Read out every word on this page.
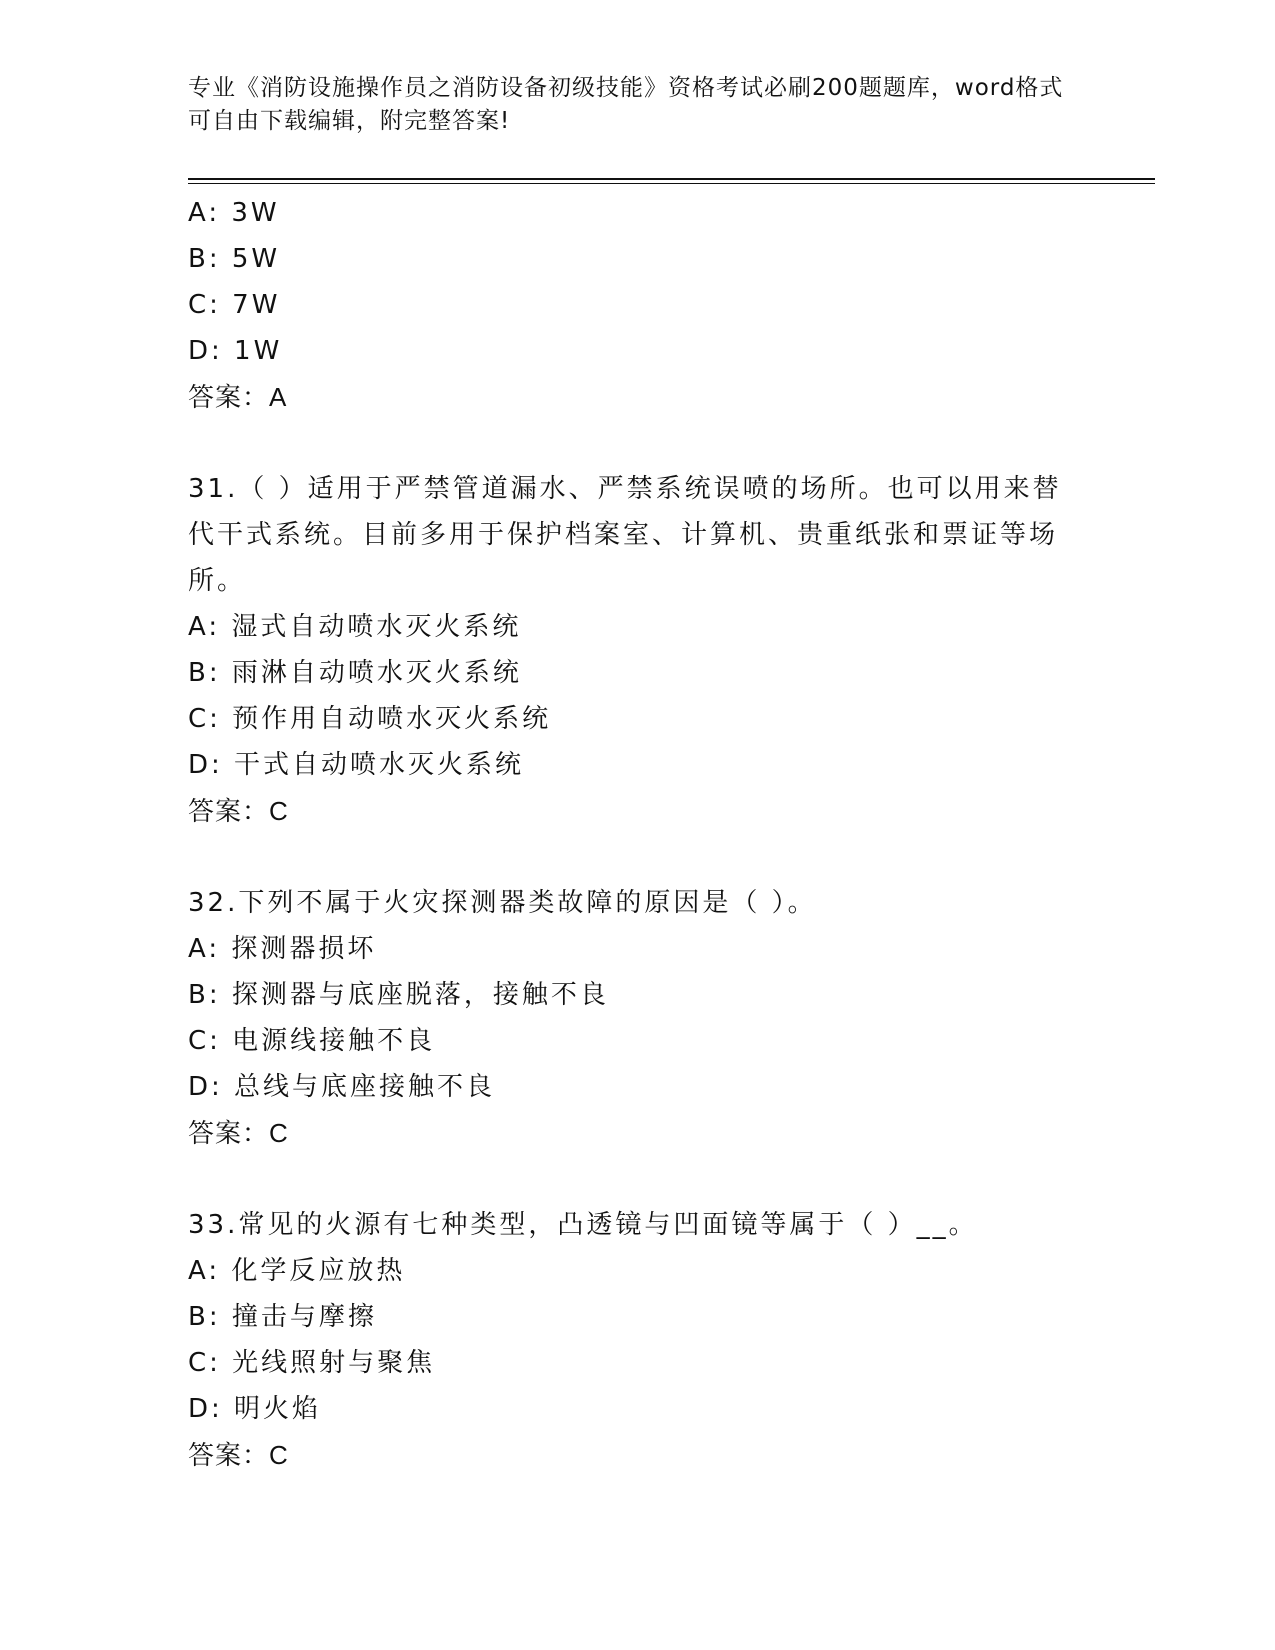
专业《消防设施操作员之消防设备初级技能》资格考试必刷200题题库，word格式可自由下载编辑，附完整答案!
A: 3W
B: 5W
C: 7W
D: 1W
答案：A
31.（ ）适用于严禁管道漏水、严禁系统误喷的场所。也可以用来替代干式系统。目前多用于保护档案室、计算机、贵重纸张和票证等场所。
A: 湿式自动喷水灭火系统
B: 雨淋自动喷水灭火系统
C: 预作用自动喷水灭火系统
D: 干式自动喷水灭火系统
答案：C
32.下列不属于火灾探测器类故障的原因是（ ）。
A: 探测器损坏
B: 探测器与底座脱落，接触不良
C: 电源线接触不良
D: 总线与底座接触不良
答案：C
33.常见的火源有七种类型，凸透镜与凹面镜等属于（ ）__。
A: 化学反应放热
B: 撞击与摩擦
C: 光线照射与聚焦
D: 明火焰
答案：C
